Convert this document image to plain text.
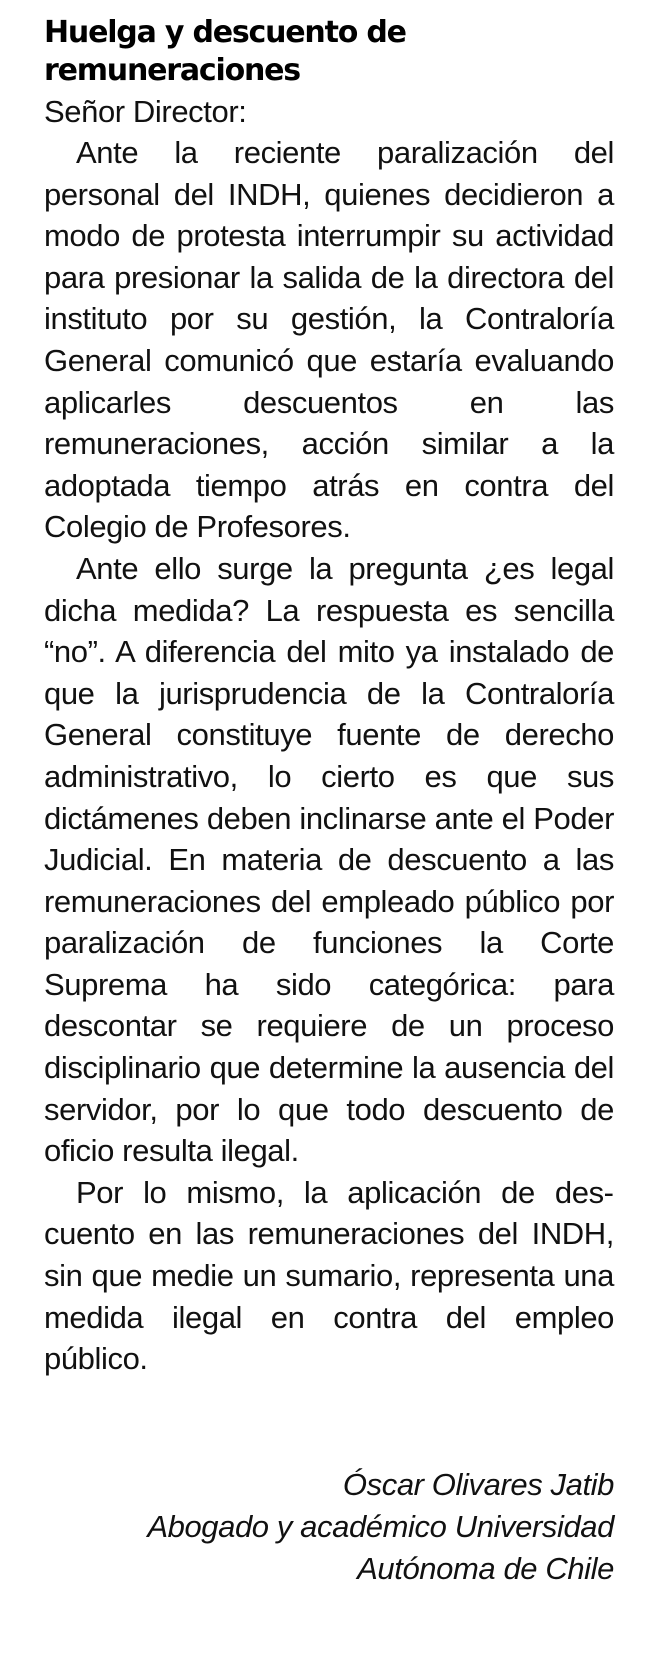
Huelga y descuento de remuneraciones
Señor Director:

Ante la reciente paralización del personal del INDH, quienes decidieron a modo de protesta interrumpir su actividad para presionar la salida de la directora del instituto por su gestión, la Contraloría General comunicó que estaría evaluando aplicarles descuentos en las remuneraciones, acción similar a la adoptada tiempo atrás en contra del Colegio de Profesores.

Ante ello surge la pregunta ¿es legal dicha medida? La respuesta es sencilla “no”. A diferencia del mito ya instalado de que la jurisprudencia de la Contraloría General constituye fuente de derecho administrativo, lo cierto es que sus dictámenes deben inclinarse ante el Poder Judicial. En materia de descuento a las remuneraciones del empleado público por paralización de funciones la Corte Suprema ha sido categórica: para descontar se requiere de un proceso disciplinario que determine la ausencia del servidor, por lo que todo descuento de oficio resulta ilegal.

Por lo mismo, la aplicación de descuento en las remuneraciones del INDH, sin que medie un sumario, representa una medida ilegal en contra del empleo público.

Óscar Olivares Jatib
Abogado y académico Universidad
Autónoma de Chile
